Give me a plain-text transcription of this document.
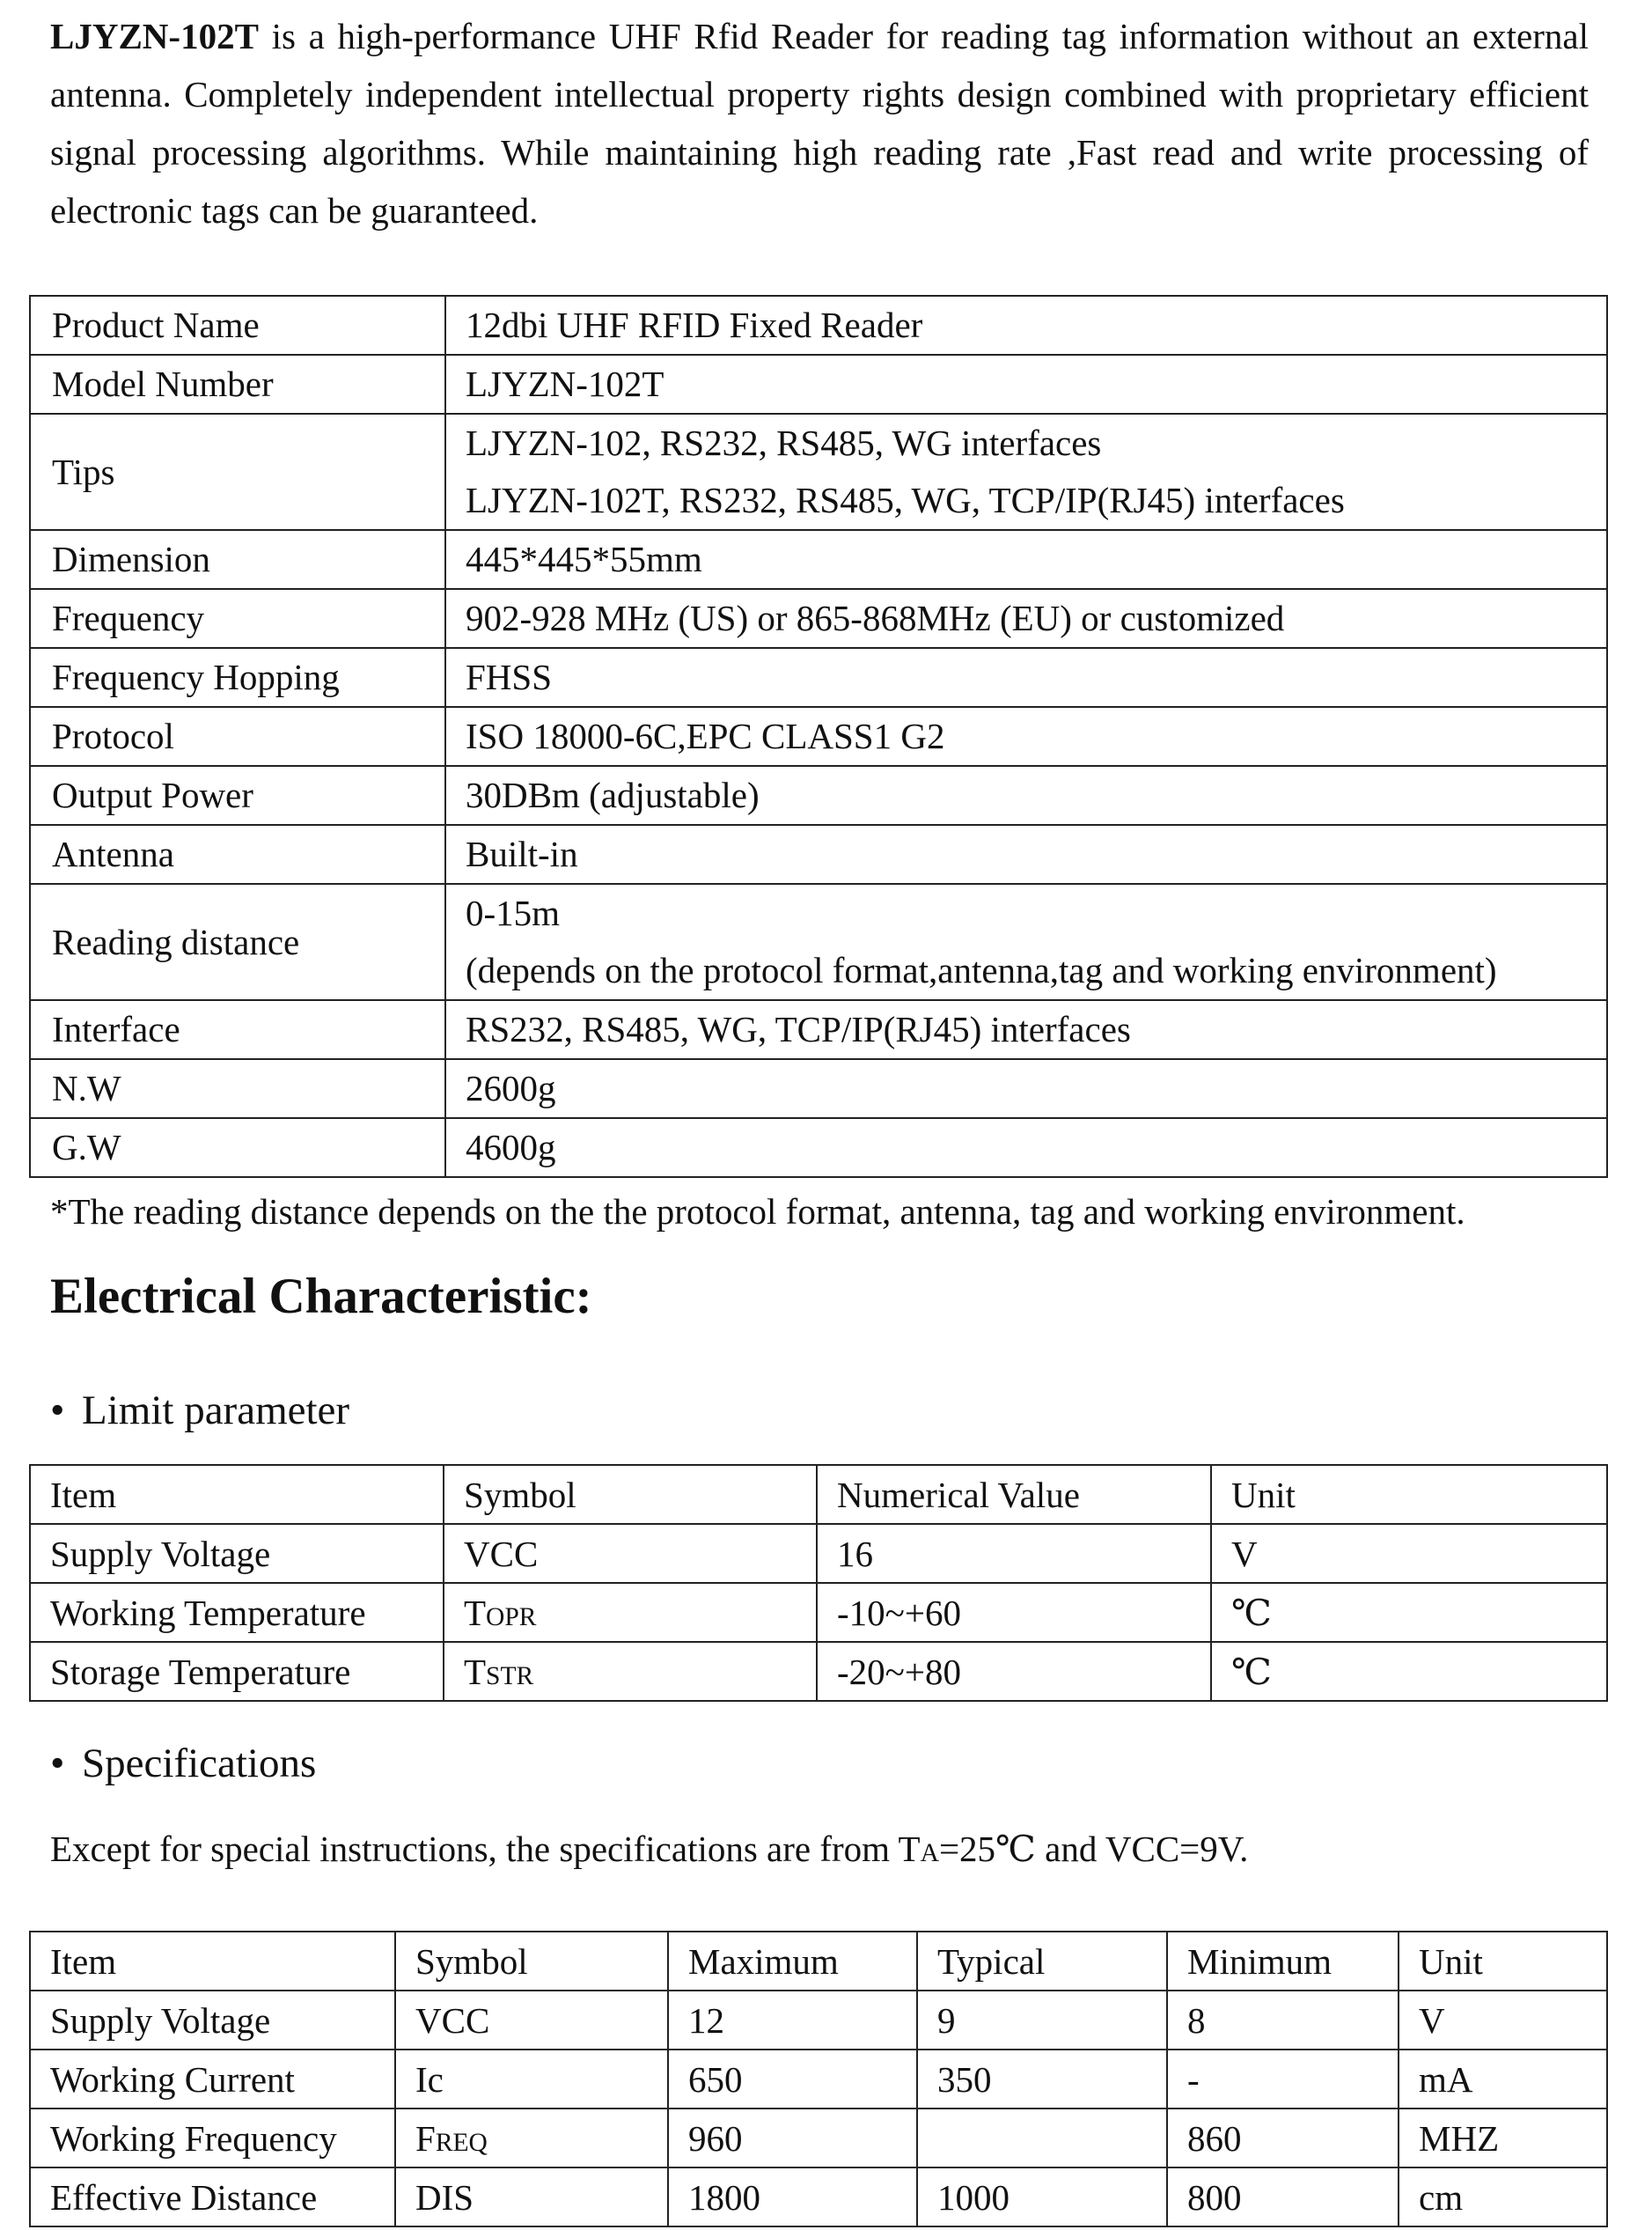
LJYZN-102T is a high-performance UHF Rfid Reader for reading tag information without an external antenna. Completely independent intellectual property rights design combined with proprietary efficient signal processing algorithms. While maintaining high reading rate ,Fast read and write processing of electronic tags can be guaranteed.
Product Name	12dbi UHF RFID Fixed Reader

Model Number	LJYZN-102T

Tips	LJYZN-102, RS232, RS485, WG interfaces
LJYZN-102T, RS232, RS485, WG, TCP/IP(RJ45) interfaces

Dimension	445*445*55mm

Frequency	902-928 MHz (US) or 865-868MHz (EU) or customized

Frequency Hopping	FHSS

Protocol	ISO 18000-6C,EPC CLASS1 G2

Output Power	30DBm (adjustable)

Antenna	Built-in

Reading distance	0-15m
(depends on the protocol format,antenna,tag and working environment)

Interface	RS232, RS485, WG, TCP/IP(RJ45) interfaces

N.W	2600g

G.W	4600g
*The reading distance depends on the the protocol format, antenna, tag and working environment.
Electrical Characteristic:
• Limit parameter
Item	Symbol	Numerical Value	Unit
Supply Voltage	VCC	16	V
Working Temperature	TOPR	-10~+60	℃
Storage Temperature	TSTR	-20~+80	℃
• Specifications
Except for special instructions, the specifications are from TA=25℃ and VCC=9V.
Item	Symbol	Maximum	Typical	Minimum	Unit
Supply Voltage	VCC	12	9	8	V
Working Current	Ic	650	350	-	mA
Working Frequency	FREQ	960		860	MHZ
Effective Distance	DIS	1800	1000	800	cm
